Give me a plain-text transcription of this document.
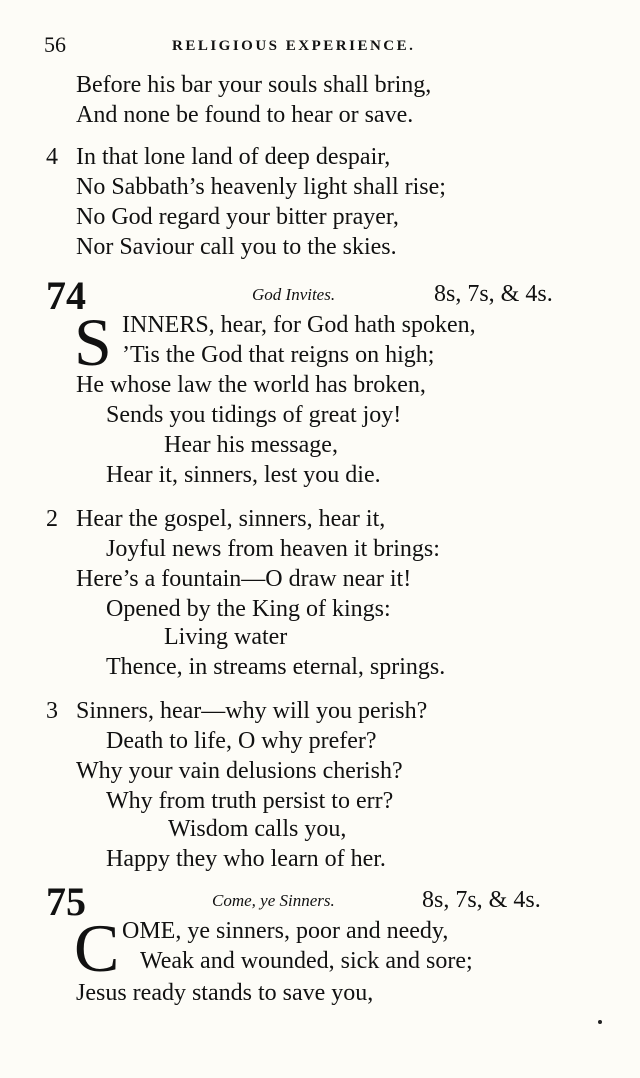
56	RELIGIOUS EXPERIENCE.
Before his bar your souls shall bring,
And none be found to hear or save.
4 In that lone land of deep despair,
No Sabbath’s heavenly light shall rise;
No God regard your bitter prayer,
Nor Saviour call you to the skies.
74	God Invites.	8s, 7s, & 4s.
S INNERS, hear, for God hath spoken,
’Tis the God that reigns on high;
He whose law the world has broken,
Sends you tidings of great joy!
Hear his message,
Hear it, sinners, lest you die.
2 Hear the gospel, sinners, hear it,
Joyful news from heaven it brings:
Here’s a fountain—O draw near it!
Opened by the King of kings:
Living water
Thence, in streams eternal, springs.
3 Sinners, hear—why will you perish?
Death to life, O why prefer?
Why your vain delusions cherish?
Why from truth persist to err?
Wisdom calls you,
Happy they who learn of her.
75	Come, ye Sinners.	8s, 7s, & 4s.
C OME, ye sinners, poor and needy,
Weak and wounded, sick and sore;
Jesus ready stands to save you,
